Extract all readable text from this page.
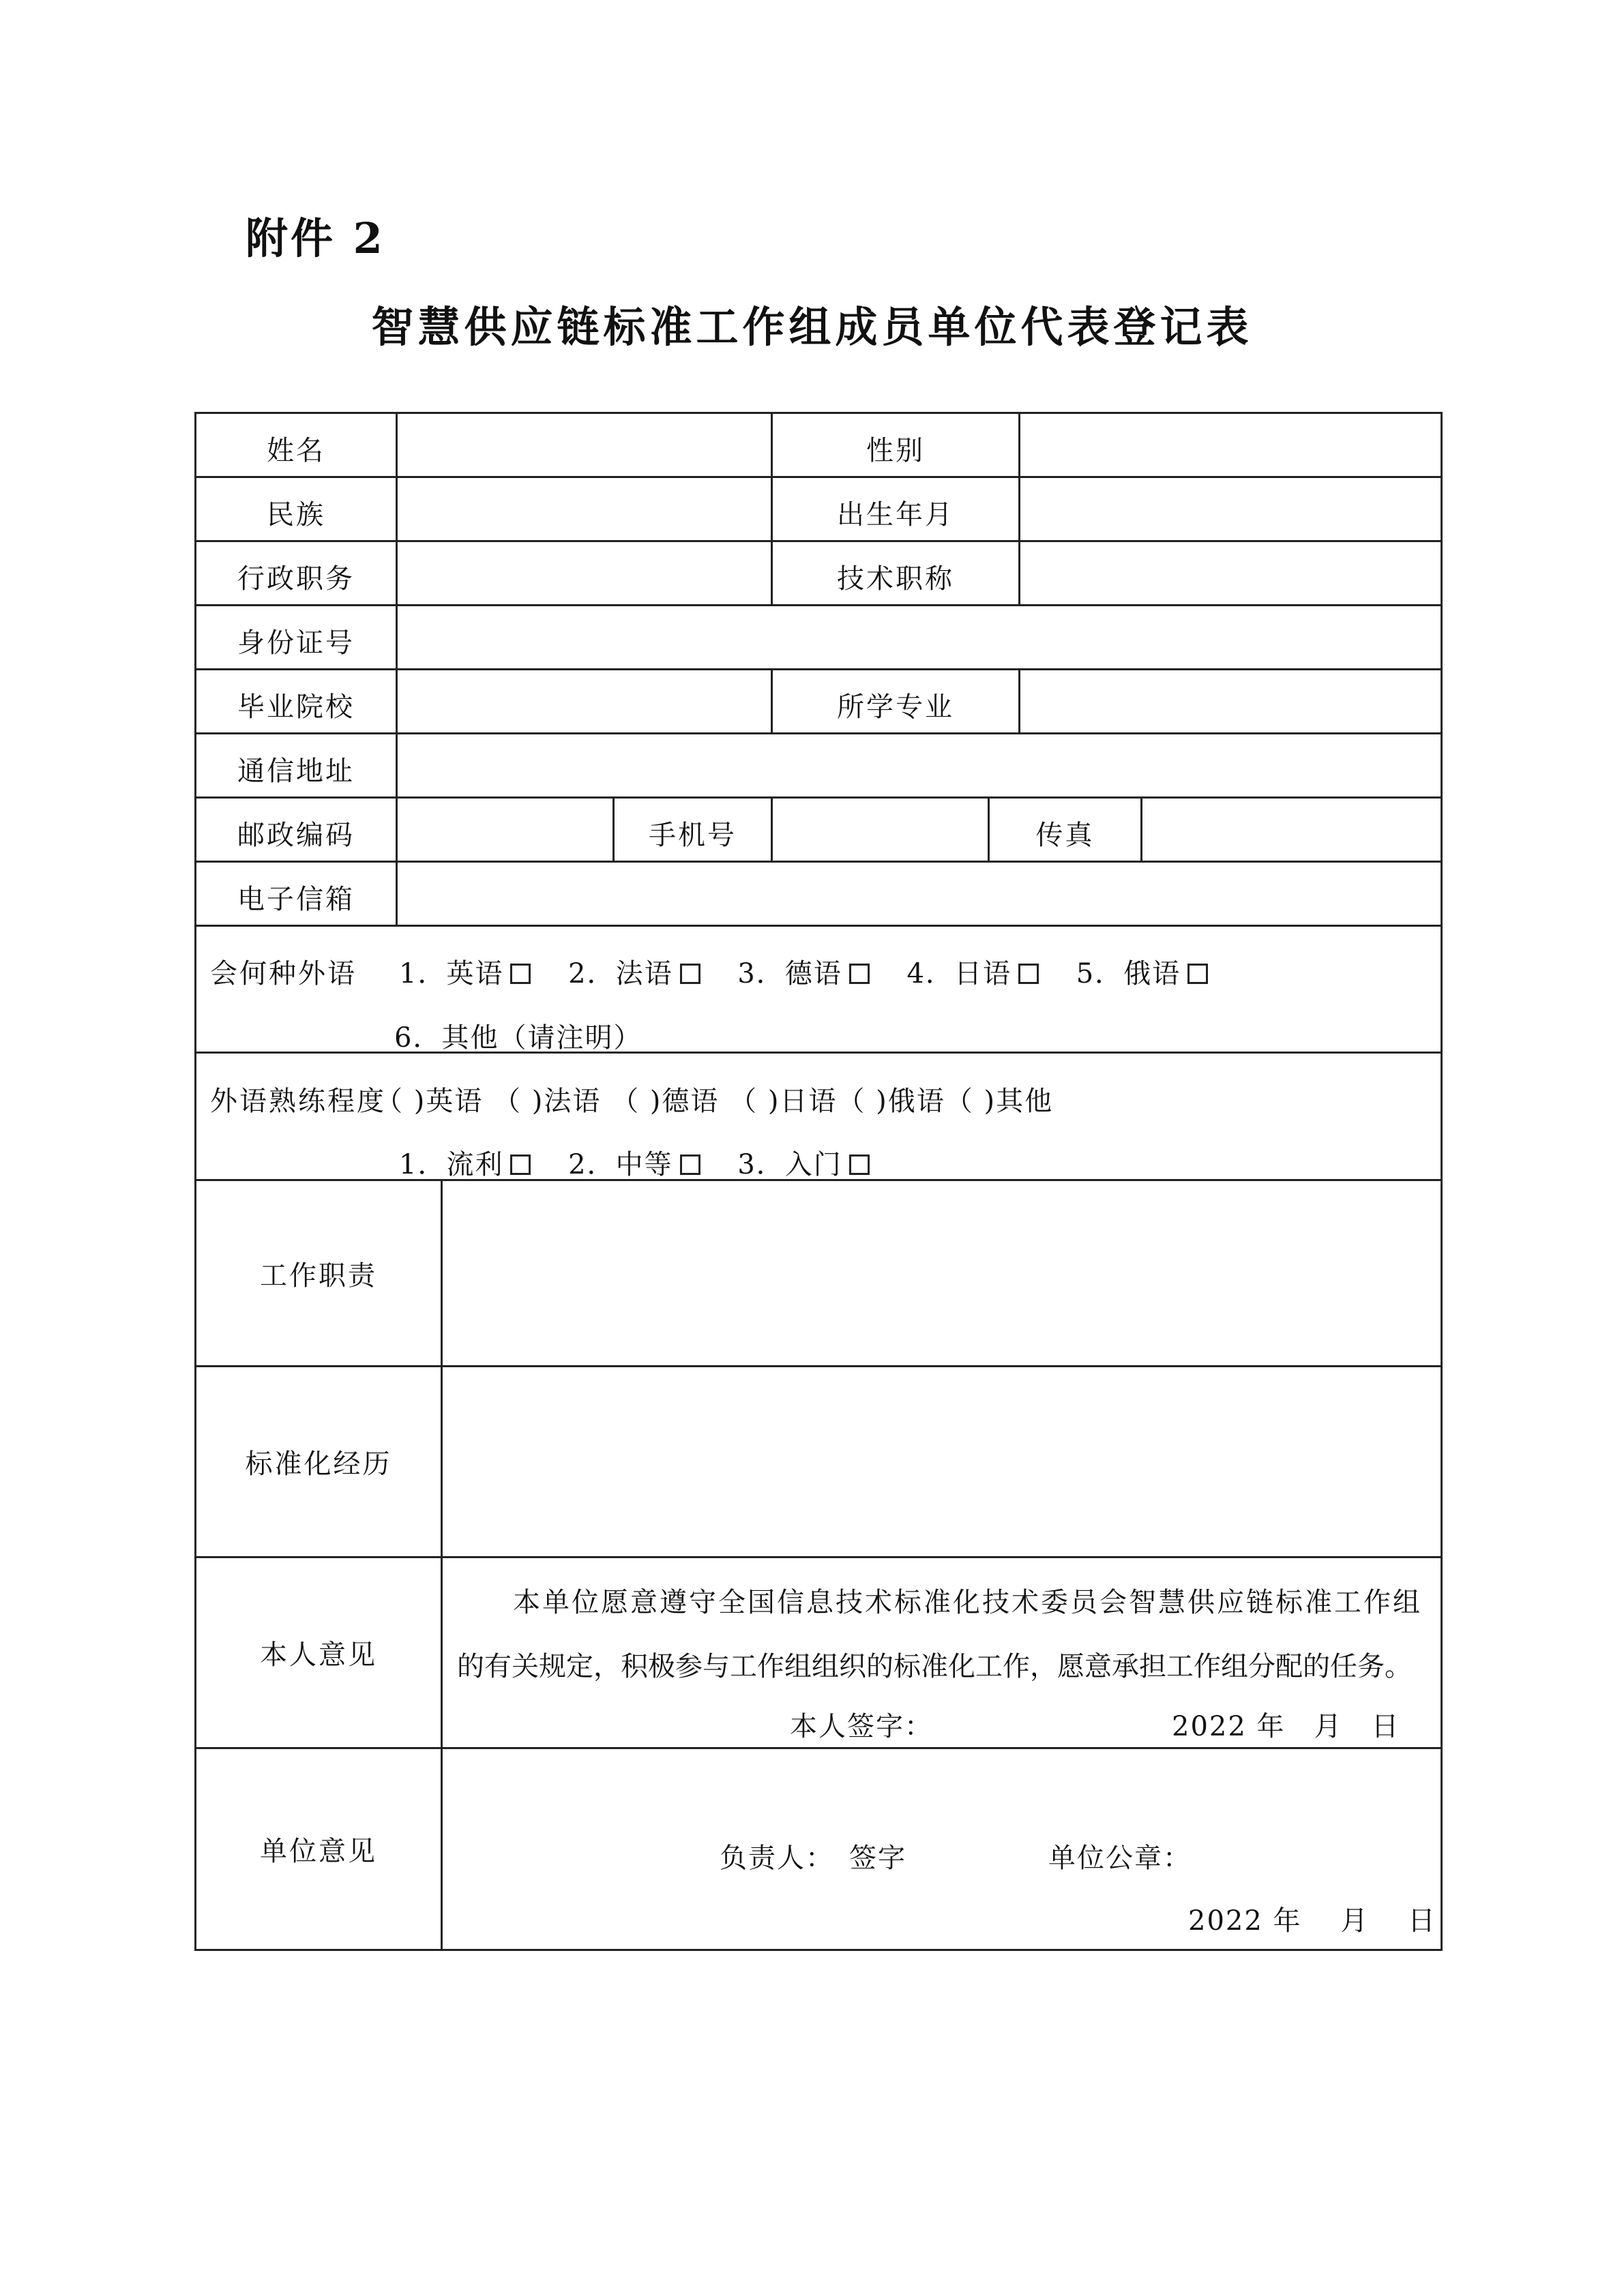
附件 2
智慧供应链标准工作组成员单位代表登记表
姓名	性别
民族	出生年月
行政职务	技术职称
身份证号
毕业院校	所学专业
通信地址
邮政编码	手机号	传真
电子信箱
会何种外语 1．英语 2．法语 3．德语 4．日语 5．俄语
6．其他（请注明）
外语熟练程度
（ )英语 （ )法语 （ )德语 （ )日语（ )俄语（ )其他
1．流利 2．中等 3．入门
工作职责
标准化经历
本人意见
本单位愿意遵守全国信息技术标准化技术委员会智慧供应链标准工作组
的有关规定，积极参与工作组组织的标准化工作，愿意承担工作组分配的任务。
本人签字：	2022 年　月　日
单位意见	负责人：　签字	单位公章：
2022 年　 月　 日
